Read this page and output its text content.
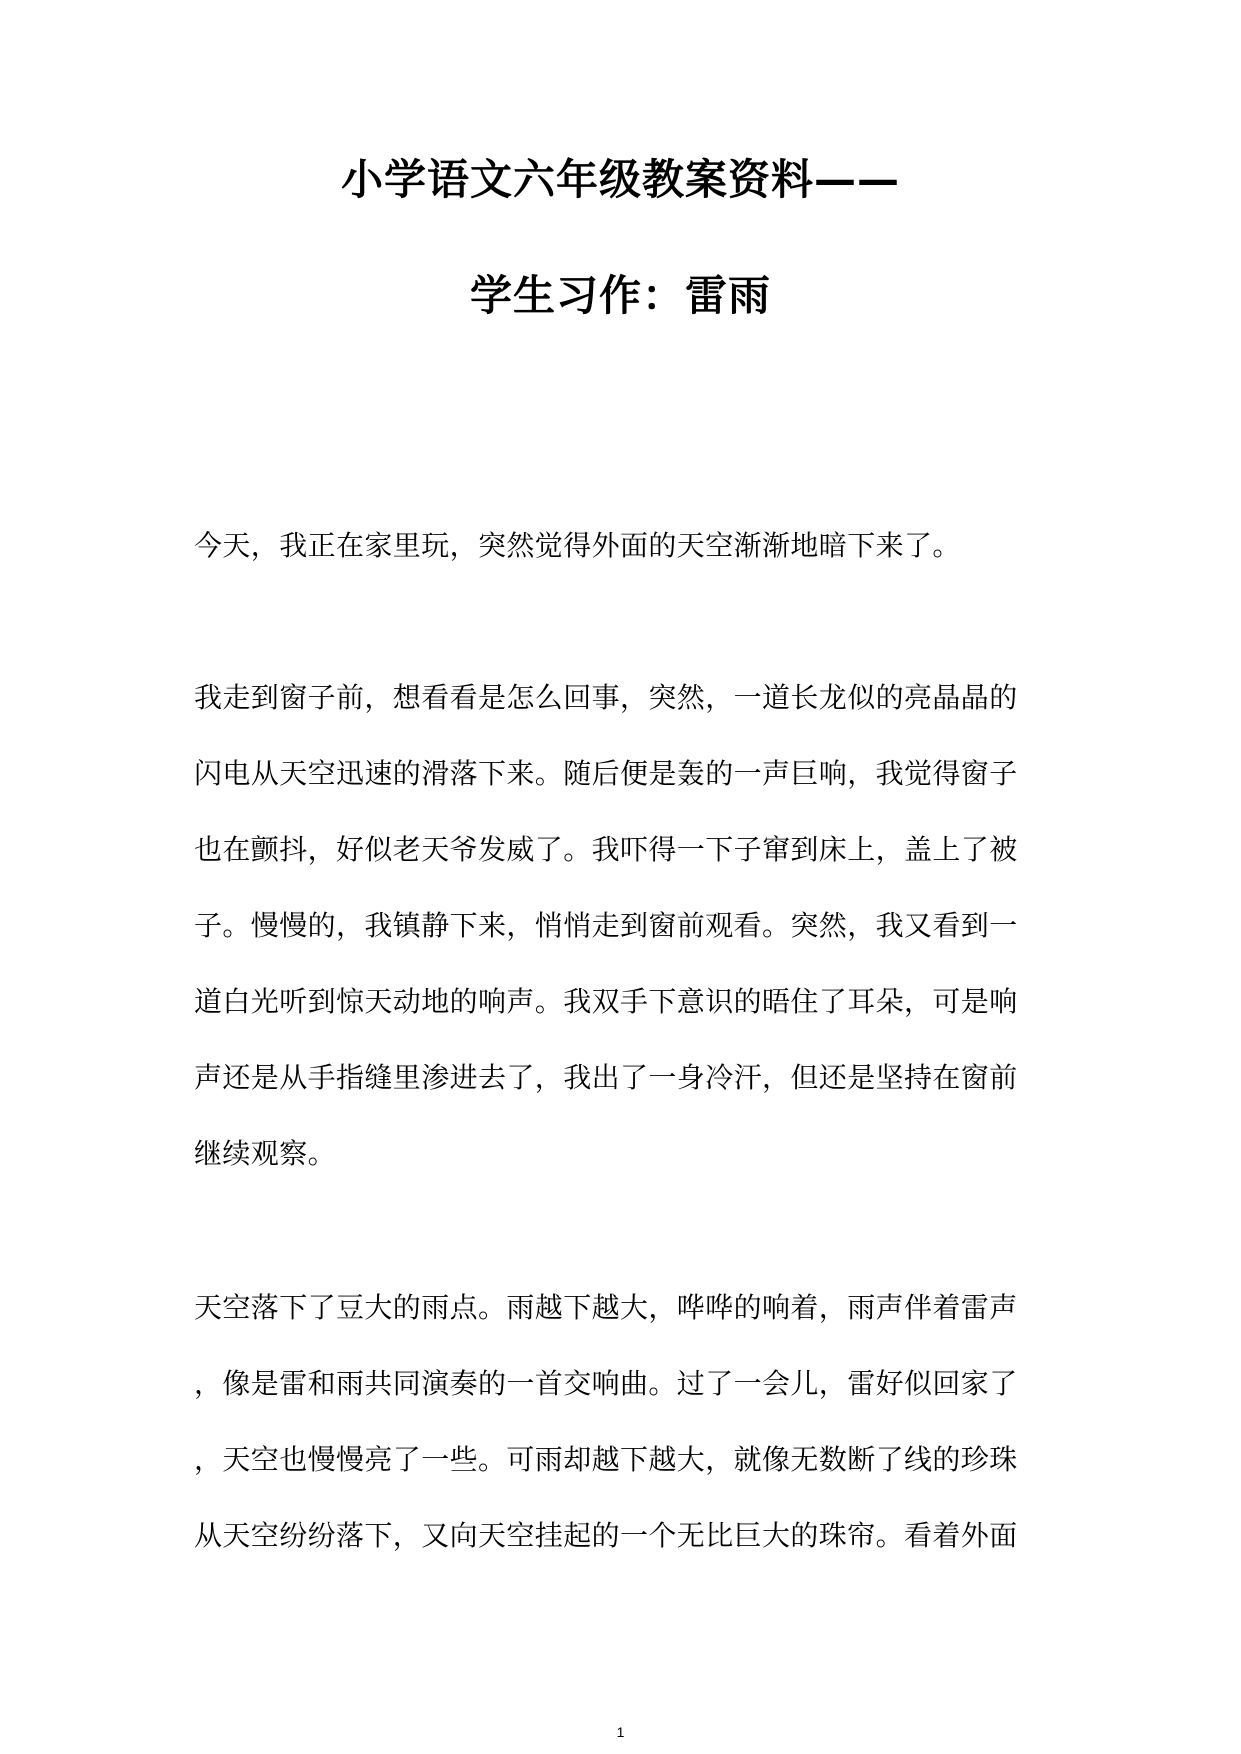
小学语文六年级教案资料——
学生习作：雷雨
今天，我正在家里玩，突然觉得外面的天空渐渐地暗下来了。
我走到窗子前，想看看是怎么回事，突然，一道长龙似的亮晶晶的
闪电从天空迅速的滑落下来。随后便是轰的一声巨响，我觉得窗子
也在颤抖，好似老天爷发威了。我吓得一下子窜到床上，盖上了被
子。慢慢的，我镇静下来，悄悄走到窗前观看。突然，我又看到一
道白光听到惊天动地的响声。我双手下意识的晤住了耳朵，可是响
声还是从手指缝里渗进去了，我出了一身冷汗，但还是坚持在窗前
继续观察。
天空落下了豆大的雨点。雨越下越大，哗哗的响着，雨声伴着雷声
，像是雷和雨共同演奏的一首交响曲。过了一会儿，雷好似回家了
，天空也慢慢亮了一些。可雨却越下越大，就像无数断了线的珍珠
从天空纷纷落下，又向天空挂起的一个无比巨大的珠帘。看着外面
1
